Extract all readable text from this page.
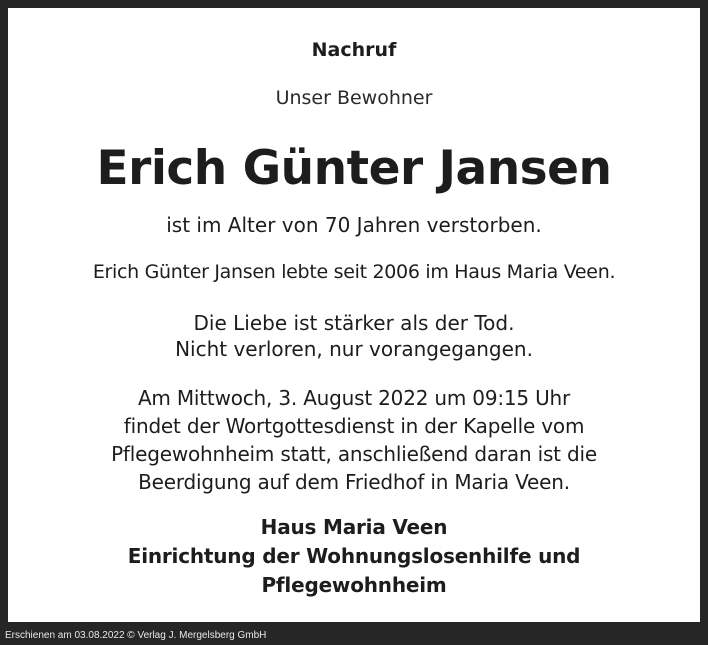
Nachruf
Unser Bewohner
Erich Günter Jansen
ist im Alter von 70 Jahren verstorben.
Erich Günter Jansen lebte seit 2006 im Haus Maria Veen.
Die Liebe ist stärker als der Tod.
Nicht verloren, nur vorangegangen.
Am Mittwoch, 3. August 2022 um 09:15 Uhr
findet der Wortgottesdienst in der Kapelle vom
Pflegewohnheim statt, anschließend daran ist die
Beerdigung auf dem Friedhof in Maria Veen.
Haus Maria Veen
Einrichtung der Wohnungslosenhilfe und
Pflegewohnheim
Erschienen am 03.08.2022 © Verlag J. Mergelsberg GmbH
